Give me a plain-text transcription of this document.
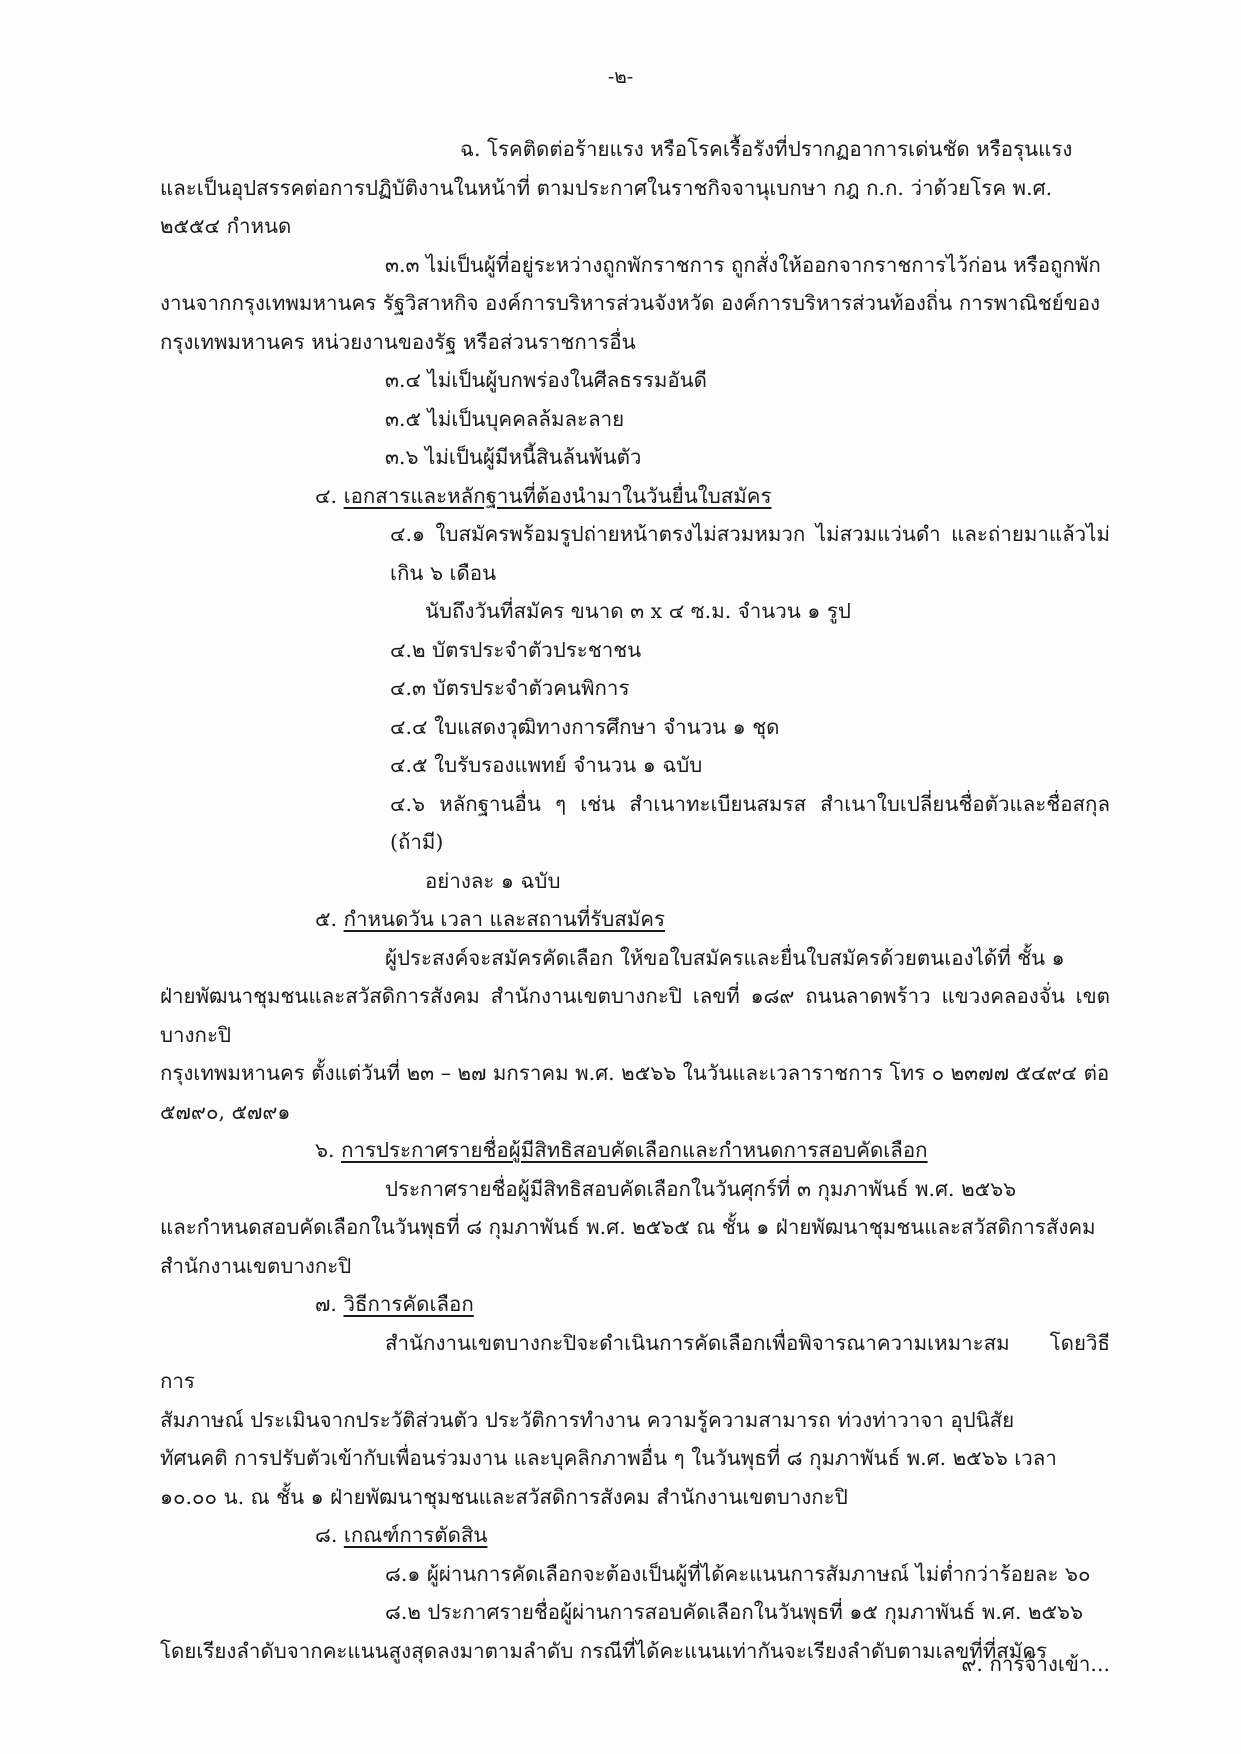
-๒-
ฉ. โรคติดต่อร้ายแรง หรือโรคเรื้อรังที่ปรากฏอาการเด่นชัด หรือรุนแรง
และเป็นอุปสรรคต่อการปฏิบัติงานในหน้าที่ ตามประกาศในราชกิจจานุเบกษา กฎ ก.ก. ว่าด้วยโรค พ.ศ.
๒๕๕๔ กำหนด
๓.๓ ไม่เป็นผู้ที่อยู่ระหว่างถูกพักราชการ ถูกสั่งให้ออกจากราชการไว้ก่อน หรือถูกพัก
งานจากกรุงเทพมหานคร รัฐวิสาหกิจ องค์การบริหารส่วนจังหวัด องค์การบริหารส่วนท้องถิ่น การพาณิชย์ของ
กรุงเทพมหานคร หน่วยงานของรัฐ หรือส่วนราชการอื่น
๓.๔ ไม่เป็นผู้บกพร่องในศีลธรรมอันดี
๓.๕ ไม่เป็นบุคคลล้มละลาย
๓.๖ ไม่เป็นผู้มีหนี้สินล้นพ้นตัว
๔. เอกสารและหลักฐานที่ต้องนำมาในวันยื่นใบสมัคร
๔.๑ ใบสมัครพร้อมรูปถ่ายหน้าตรงไม่สวมหมวก ไม่สวมแว่นดำ และถ่ายมาแล้วไม่เกิน ๖ เดือน
นับถึงวันที่สมัคร ขนาด ๓ x ๔ ซ.ม. จำนวน ๑ รูป
๔.๒ บัตรประจำตัวประชาชน
๔.๓ บัตรประจำตัวคนพิการ
๔.๔ ใบแสดงวุฒิทางการศึกษา จำนวน ๑ ชุด
๔.๕ ใบรับรองแพทย์ จำนวน ๑ ฉบับ
๔.๖ หลักฐานอื่น ๆ เช่น สำเนาทะเบียนสมรส สำเนาใบเปลี่ยนชื่อตัวและชื่อสกุล (ถ้ามี)
อย่างละ ๑ ฉบับ
๕. กำหนดวัน เวลา และสถานที่รับสมัคร
ผู้ประสงค์จะสมัครคัดเลือก ให้ขอใบสมัครและยื่นใบสมัครด้วยตนเองได้ที่ ชั้น ๑
ฝ่ายพัฒนาชุมชนและสวัสดิการสังคม สำนักงานเขตบางกะปิ เลขที่ ๑๘๙ ถนนลาดพร้าว แขวงคลองจั่น เขตบางกะปิ
กรุงเทพมหานคร ตั้งแต่วันที่ ๒๓ – ๒๗ มกราคม พ.ศ. ๒๕๖๖ ในวันและเวลาราชการ โทร ๐ ๒๓๗๗ ๕๔๙๔ ต่อ
๕๗๙๐, ๕๗๙๑
๖. การประกาศรายชื่อผู้มีสิทธิสอบคัดเลือกและกำหนดการสอบคัดเลือก
ประกาศรายชื่อผู้มีสิทธิสอบคัดเลือกในวันศุกร์ที่ ๓ กุมภาพันธ์ พ.ศ. ๒๕๖๖
และกำหนดสอบคัดเลือกในวันพุธที่ ๘ กุมภาพันธ์ พ.ศ. ๒๕๖๕ ณ ชั้น ๑ ฝ่ายพัฒนาชุมชนและสวัสดิการสังคม
สำนักงานเขตบางกะปิ
๗. วิธีการคัดเลือก
สำนักงานเขตบางกะปิจะดำเนินการคัดเลือกเพื่อพิจารณาความเหมาะสม โดยวิธีการ
สัมภาษณ์ ประเมินจากประวัติส่วนตัว ประวัติการทำงาน ความรู้ความสามารถ ท่วงท่าวาจา อุปนิสัย
ทัศนคติ การปรับตัวเข้ากับเพื่อนร่วมงาน และบุคลิกภาพอื่น ๆ ในวันพุธที่ ๘ กุมภาพันธ์ พ.ศ. ๒๕๖๖ เวลา
๑๐.๐๐ น. ณ ชั้น ๑ ฝ่ายพัฒนาชุมชนและสวัสดิการสังคม สำนักงานเขตบางกะปิ
๘. เกณฑ์การตัดสิน
๘.๑ ผู้ผ่านการคัดเลือกจะต้องเป็นผู้ที่ได้คะแนนการสัมภาษณ์ ไม่ต่ำกว่าร้อยละ ๖๐
๘.๒ ประกาศรายชื่อผู้ผ่านการสอบคัดเลือกในวันพุธที่ ๑๕ กุมภาพันธ์ พ.ศ. ๒๕๖๖
โดยเรียงลำดับจากคะแนนสูงสุดลงมาตามลำดับ กรณีที่ได้คะแนนเท่ากันจะเรียงลำดับตามเลขที่ที่สมัคร
๙. การจ้างเข้า...
